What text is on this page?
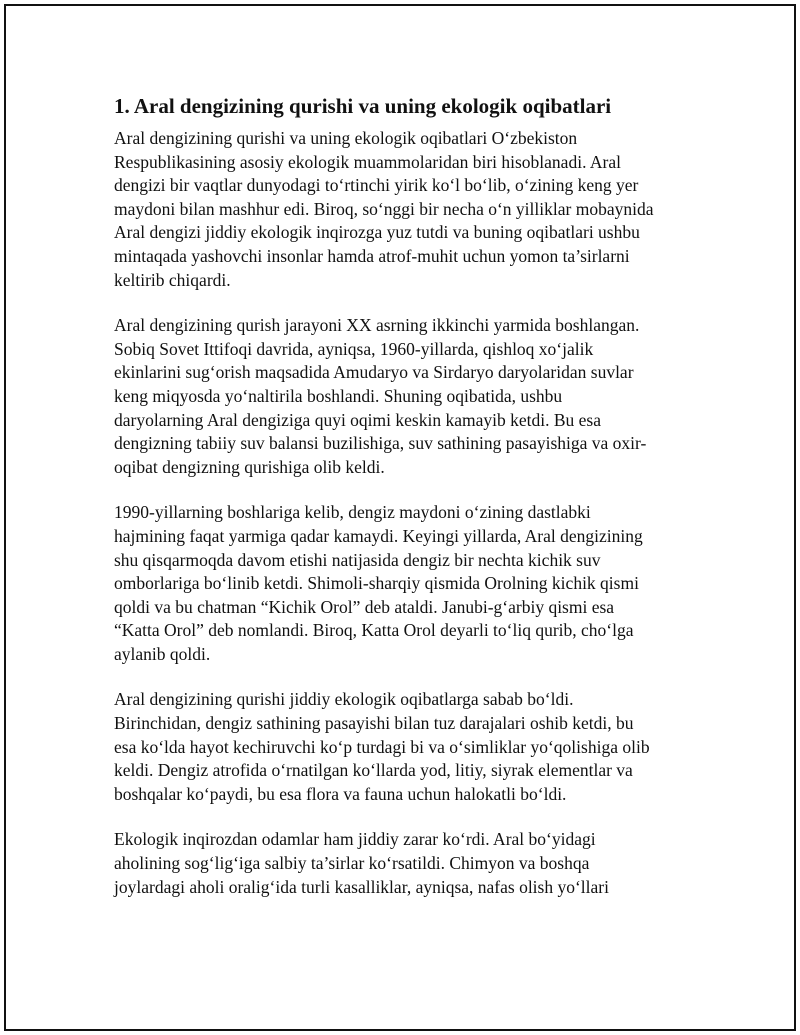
1. Aral dengizining qurishi va uning ekologik oqibatlari

Aral dengizining qurishi va uning ekologik oqibatlari O‘zbekiston
Respublikasining asosiy ekologik muammolaridan biri hisoblanadi. Aral
dengizi bir vaqtlar dunyodagi to‘rtinchi yirik ko‘l bo‘lib, o‘zining keng yer
maydoni bilan mashhur edi. Biroq, so‘nggi bir necha o‘n yilliklar mobaynida
Aral dengizi jiddiy ekologik inqirozga yuz tutdi va buning oqibatlari ushbu
mintaqada yashovchi insonlar hamda atrof-muhit uchun yomon ta’sirlarni
keltirib chiqardi.

Aral dengizining qurish jarayoni XX asrning ikkinchi yarmida boshlangan.
Sobiq Sovet Ittifoqi davrida, ayniqsa, 1960-yillarda, qishloq xo‘jalik
ekinlarini sug‘orish maqsadida Amudaryo va Sirdaryo daryolaridan suvlar
keng miqyosda yo‘naltirila boshlandi. Shuning oqibatida, ushbu
daryolarning Aral dengiziga quyi oqimi keskin kamayib ketdi. Bu esa
dengizning tabiiy suv balansi buzilishiga, suv sathining pasayishiga va oxir-
oqibat dengizning qurishiga olib keldi.

1990-yillarning boshlariga kelib, dengiz maydoni o‘zining dastlabki
hajmining faqat yarmiga qadar kamaydi. Keyingi yillarda, Aral dengizining
shu qisqarmoqda davom etishi natijasida dengiz bir nechta kichik suv
omborlariga bo‘linib ketdi. Shimoli-sharqiy qismida Orolning kichik qismi
qoldi va bu chatman “Kichik Orol” deb ataldi. Janubi-g‘arbiy qismi esa
“Katta Orol” deb nomlandi. Biroq, Katta Orol deyarli to‘liq qurib, cho‘lga
aylanib qoldi.

Aral dengizining qurishi jiddiy ekologik oqibatlarga sabab bo‘ldi.
Birinchidan, dengiz sathining pasayishi bilan tuz darajalari oshib ketdi, bu
esa ko‘lda hayot kechiruvchi ko‘p turdagi bi va o‘simliklar yo‘qolishiga olib
keldi. Dengiz atrofida o‘rnatilgan ko‘llarda yod, litiy, siyrak elementlar va
boshqalar ko‘paydi, bu esa flora va fauna uchun halokatli bo‘ldi.

Ekologik inqirozdan odamlar ham jiddiy zarar ko‘rdi. Aral bo‘yidagi
aholining sog‘lig‘iga salbiy ta’sirlar ko‘rsatildi. Chimyon va boshqa
joylardagi aholi oralig‘ida turli kasalliklar, ayniqsa, nafas olish yo‘llari
